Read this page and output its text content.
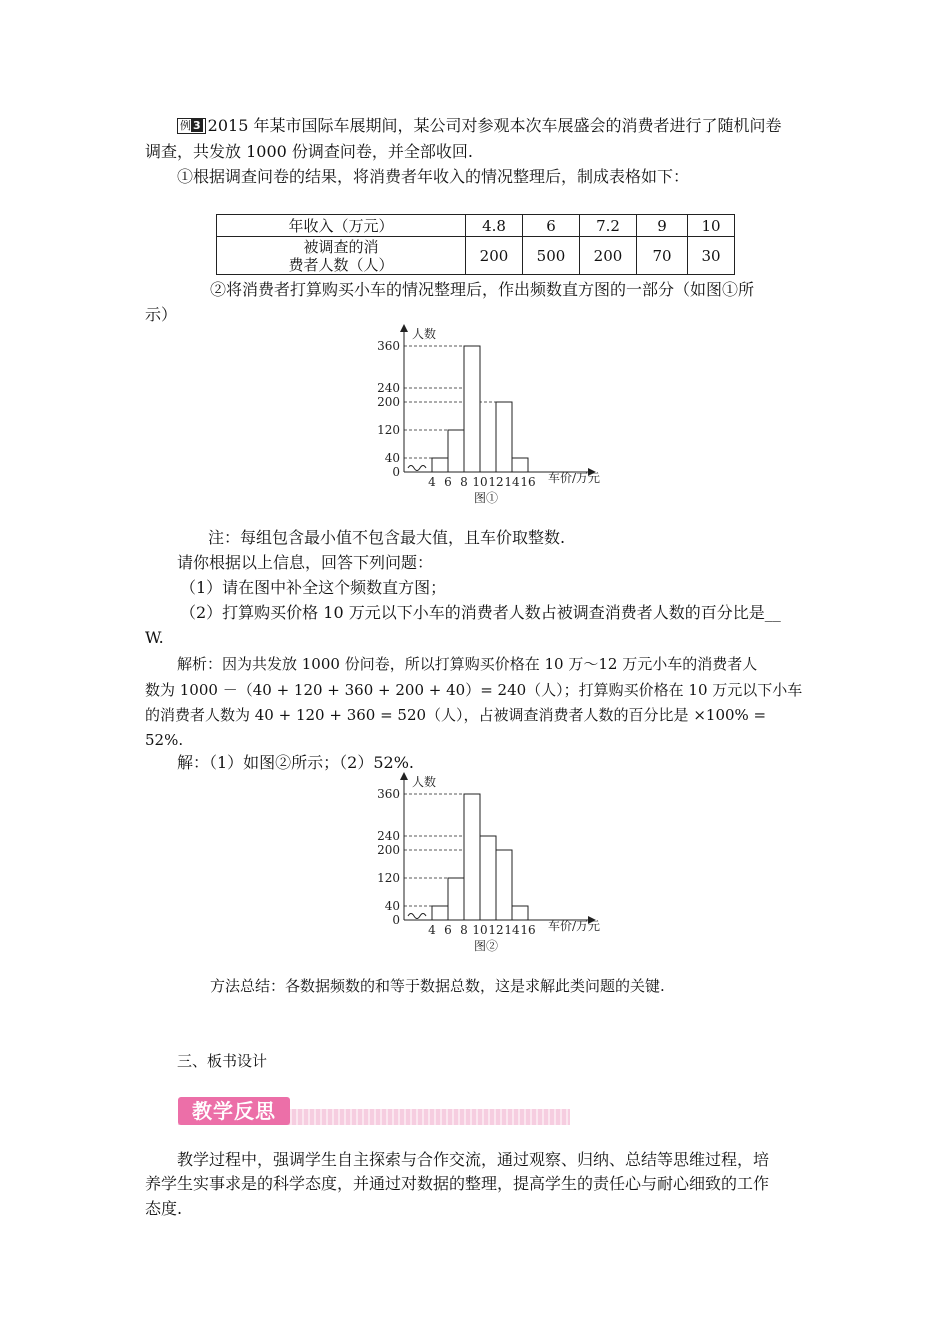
例 3 2015 年某市国际车展期间，某公司对参观本次车展盛会的消费者进行了随机问卷
调查，共发放 1000 份调查问卷，并全部收回.
①根据调查问卷的结果，将消费者年收入的情况整理后，制成表格如下：
年收入（万元）	4.8	6	7.2	9	10

被调查的消
费者人数（人）	200	500	200	70	30
②将消费者打算购买小车的情况整理后，作出频数直方图的一部分（如图①所
示）
人数
车价/万元
0
40
120
200
240
360
4 6 8 10 12 14 16
图①
注：每组包含最小值不包含最大值，且车价取整数.
请你根据以上信息，回答下列问题：
（1）请在图中补全这个频数直方图；
（2）打算购买价格 10 万元以下小车的消费者人数占被调查消费者人数的百分比是__
W.
解析：因为共发放 1000 份问卷，所以打算购买价格在 10 万～12 万元小车的消费者人
数为 1000 －（40 + 120 + 360 + 200 + 40）= 240（人）；打算购买价格在 10 万元以下小车
的消费者人数为 40 + 120 + 360 = 520（人），占被调查消费者人数的百分比是 ×100% =
52%.
解：（1）如图②所示；（2）52%.
人数
车价/万元
0
40
120
200
240
360
4 6 8 10 12 14 16
图②
方法总结：各数据频数的和等于数据总数，这是求解此类问题的关键.
三、板书设计
教学反思
教学过程中，强调学生自主探索与合作交流，通过观察、归纳、总结等思维过程，培
养学生实事求是的科学态度，并通过对数据的整理，提高学生的责任心与耐心细致的工作
态度.
